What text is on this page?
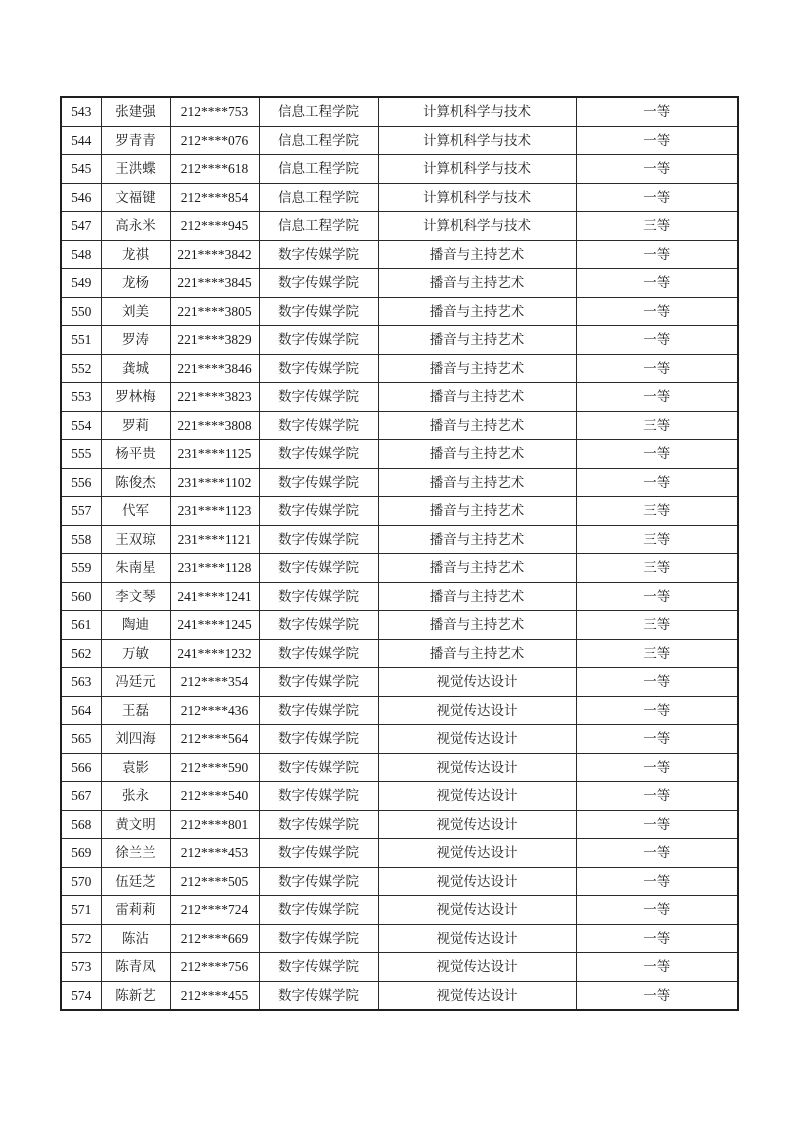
543	张建强	212****753	信息工程学院	计算机科学与技术	一等
544	罗青青	212****076	信息工程学院	计算机科学与技术	一等
545	王洪蝶	212****618	信息工程学院	计算机科学与技术	一等
546	文福键	212****854	信息工程学院	计算机科学与技术	一等
547	高永米	212****945	信息工程学院	计算机科学与技术	三等
548	龙祺	221****3842	数字传媒学院	播音与主持艺术	一等
549	龙杨	221****3845	数字传媒学院	播音与主持艺术	一等
550	刘美	221****3805	数字传媒学院	播音与主持艺术	一等
551	罗涛	221****3829	数字传媒学院	播音与主持艺术	一等
552	龚城	221****3846	数字传媒学院	播音与主持艺术	一等
553	罗林梅	221****3823	数字传媒学院	播音与主持艺术	一等
554	罗莉	221****3808	数字传媒学院	播音与主持艺术	三等
555	杨平贵	231****1125	数字传媒学院	播音与主持艺术	一等
556	陈俊杰	231****1102	数字传媒学院	播音与主持艺术	一等
557	代军	231****1123	数字传媒学院	播音与主持艺术	三等
558	王双琼	231****1121	数字传媒学院	播音与主持艺术	三等
559	朱南星	231****1128	数字传媒学院	播音与主持艺术	三等
560	李文琴	241****1241	数字传媒学院	播音与主持艺术	一等
561	陶迪	241****1245	数字传媒学院	播音与主持艺术	三等
562	万敏	241****1232	数字传媒学院	播音与主持艺术	三等
563	冯廷元	212****354	数字传媒学院	视觉传达设计	一等
564	王磊	212****436	数字传媒学院	视觉传达设计	一等
565	刘四海	212****564	数字传媒学院	视觉传达设计	一等
566	袁影	212****590	数字传媒学院	视觉传达设计	一等
567	张永	212****540	数字传媒学院	视觉传达设计	一等
568	黄文明	212****801	数字传媒学院	视觉传达设计	一等
569	徐兰兰	212****453	数字传媒学院	视觉传达设计	一等
570	伍廷芝	212****505	数字传媒学院	视觉传达设计	一等
571	雷莉莉	212****724	数字传媒学院	视觉传达设计	一等
572	陈沾	212****669	数字传媒学院	视觉传达设计	一等
573	陈青凤	212****756	数字传媒学院	视觉传达设计	一等
574	陈新艺	212****455	数字传媒学院	视觉传达设计	一等
